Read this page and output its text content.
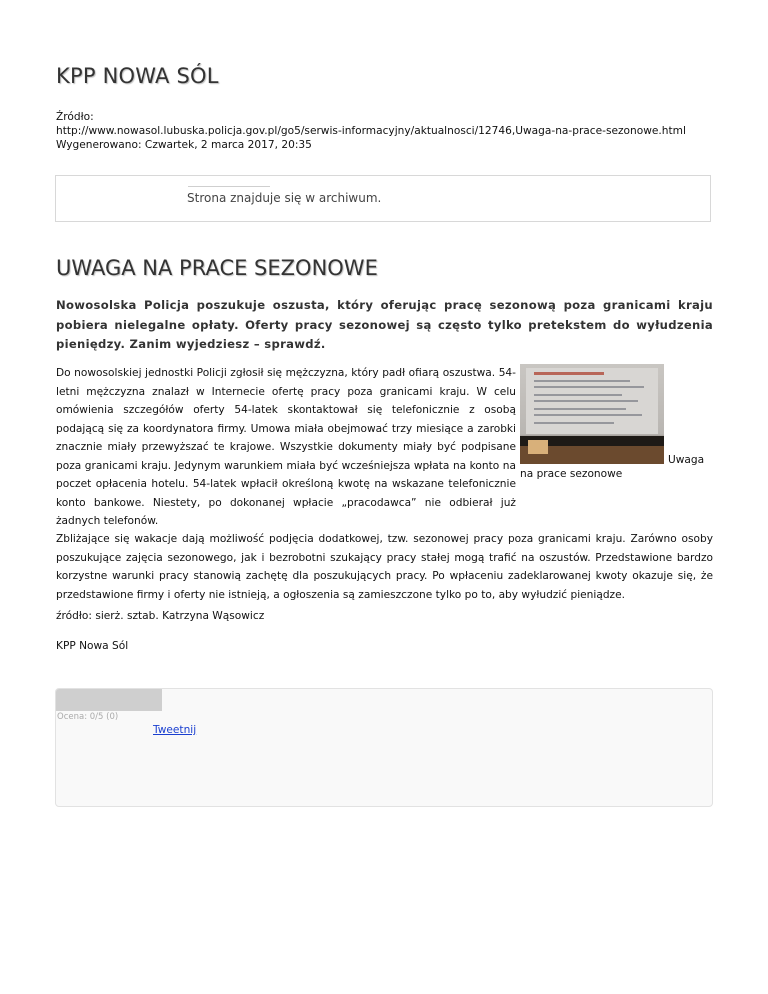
KPP NOWA SÓL
Źródło:
http://www.nowasol.lubuska.policja.gov.pl/go5/serwis-informacyjny/aktualnosci/12746,Uwaga-na-prace-sezonowe.html
Wygenerowano: Czwartek, 2 marca 2017, 20:35
Strona znajduje się w archiwum.
UWAGA NA PRACE SEZONOWE
Nowosolska Policja poszukuje oszusta, który oferując pracę sezonową poza granicami kraju pobiera nielegalne opłaty. Oferty pracy sezonowej są często tylko pretekstem do wyłudzenia pieniędzy. Zanim wyjedziesz – sprawdź.
Do nowosolskiej jednostki Policji zgłosił się mężczyzna, który padł ofiarą oszustwa. 54-letni mężczyzna znalazł w Internecie ofertę pracy poza granicami kraju. W celu omówienia szczegółów oferty 54-latek skontaktował się telefonicznie z osobą podającą się za koordynatora firmy. Umowa miała obejmować trzy miesiące a zarobki znacznie miały przewyższać te krajowe. Wszystkie dokumenty miały być podpisane poza granicami kraju. Jedynym warunkiem miała być wcześniejsza wpłata na konto na poczet opłacenia hotelu. 54-latek wpłacił określoną kwotę na wskazane telefonicznie konto bankowe. Niestety, po dokonanej wpłacie „pracodawca” nie odbierał już żadnych telefonów.
Uwaga
na prace sezonowe
Zbliżające się wakacje dają możliwość podjęcia dodatkowej, tzw. sezonowej pracy poza granicami kraju. Zarówno osoby poszukujące zajęcia sezonowego, jak i bezrobotni szukający pracy stałej mogą trafić na oszustów. Przedstawione bardzo korzystne warunki pracy stanowią zachętę dla poszukujących pracy. Po wpłaceniu zadeklarowanej kwoty okazuje się, że przedstawione firmy i oferty nie istnieją, a ogłoszenia są zamieszczone tylko po to, aby wyłudzić pieniądze.
źródło: sierż. sztab. Katrzyna Wąsowicz
KPP Nowa Sól
Ocena: 0/5 (0)
Tweetnij
